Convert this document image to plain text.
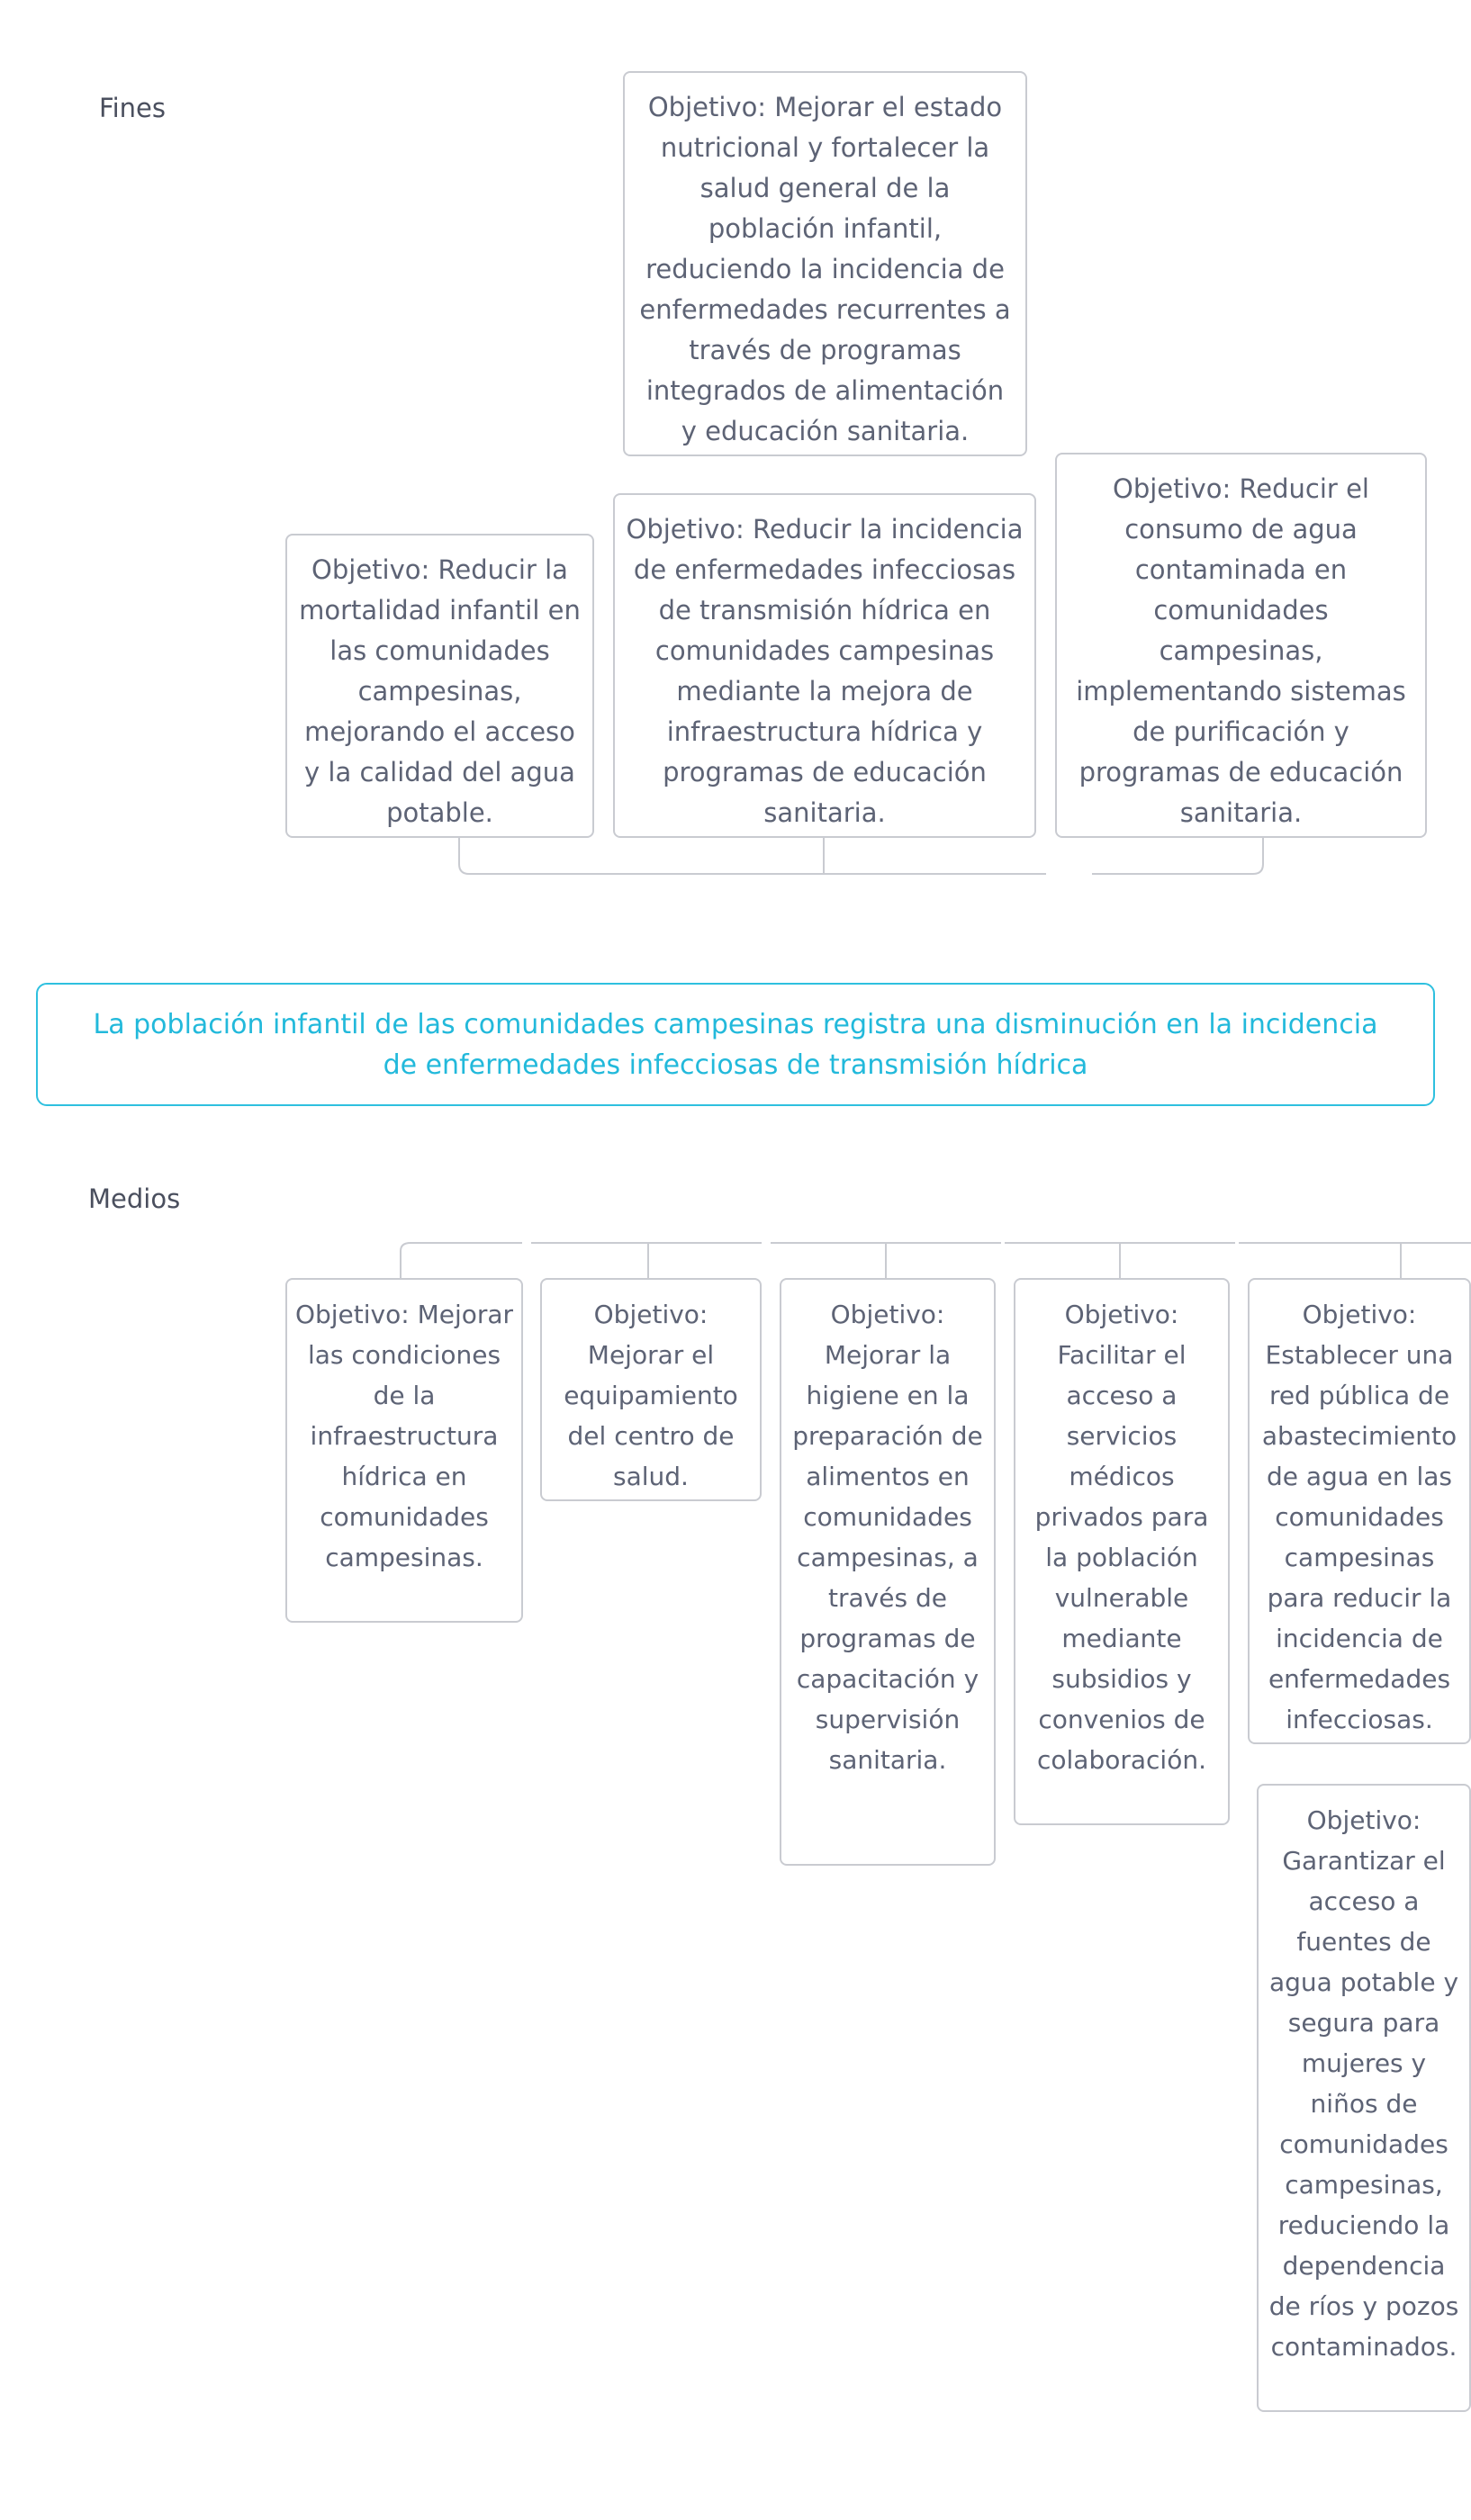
Fines	Objetivo: Mejorar el estado nutricional y fortalecer la salud general de la población infantil, reduciendo la incidencia de enfermedades recurrentes a través de programas integrados de alimentación y educación sanitaria.
Objetivo: Reducir la mortalidad infantil en las comunidades campesinas, mejorando el acceso y la calidad del agua potable.
Objetivo: Reducir la incidencia de enfermedades infecciosas de transmisión hídrica en comunidades campesinas mediante la mejora de infraestructura hídrica y programas de educación sanitaria.
Objetivo: Reducir el consumo de agua contaminada en comunidades campesinas, implementando sistemas de purificación y programas de educación sanitaria.
La población infantil de las comunidades campesinas registra una disminución en la incidencia de enfermedades infecciosas de transmisión hídrica
Medios
Objetivo: Mejorar las condiciones de la infraestructura hídrica en comunidades campesinas.
Objetivo: Mejorar el equipamiento del centro de salud.
Objetivo: Mejorar la higiene en la preparación de alimentos en comunidades campesinas, a través de programas de capacitación y supervisión sanitaria.
Objetivo: Facilitar el acceso a servicios médicos privados para la población vulnerable mediante subsidios y convenios de colaboración.
Objetivo: Establecer una red pública de abastecimiento de agua en las comunidades campesinas para reducir la incidencia de enfermedades infecciosas.
Objetivo: Garantizar el acceso a fuentes de agua potable y segura para mujeres y niños de comunidades campesinas, reduciendo la dependencia de ríos y pozos contaminados.
